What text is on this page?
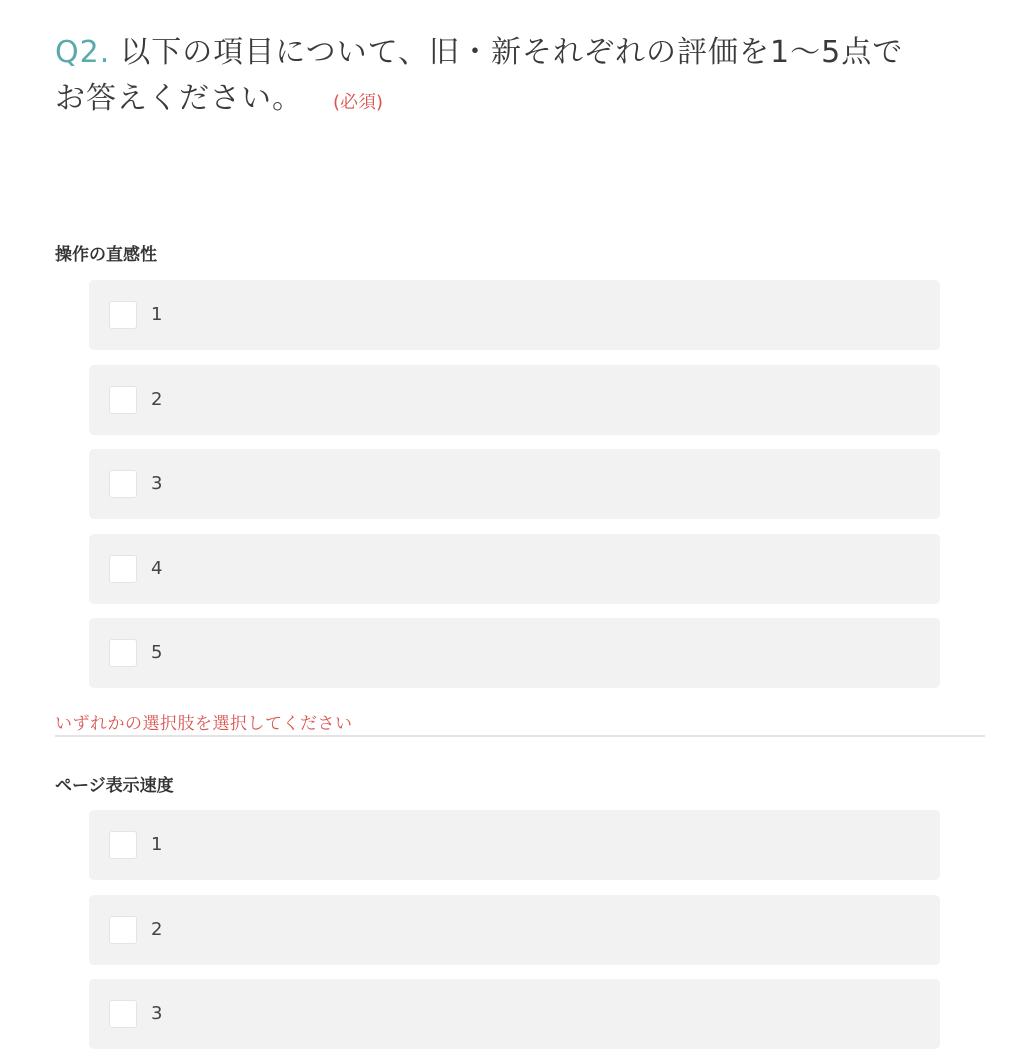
Q2. 以下の項目について、旧・新それぞれの評価を1〜5点で
お答えください。 (必須)
操作の直感性
1
2
3
4
5
いずれかの選択肢を選択してください
ページ表示速度
1
2
3
